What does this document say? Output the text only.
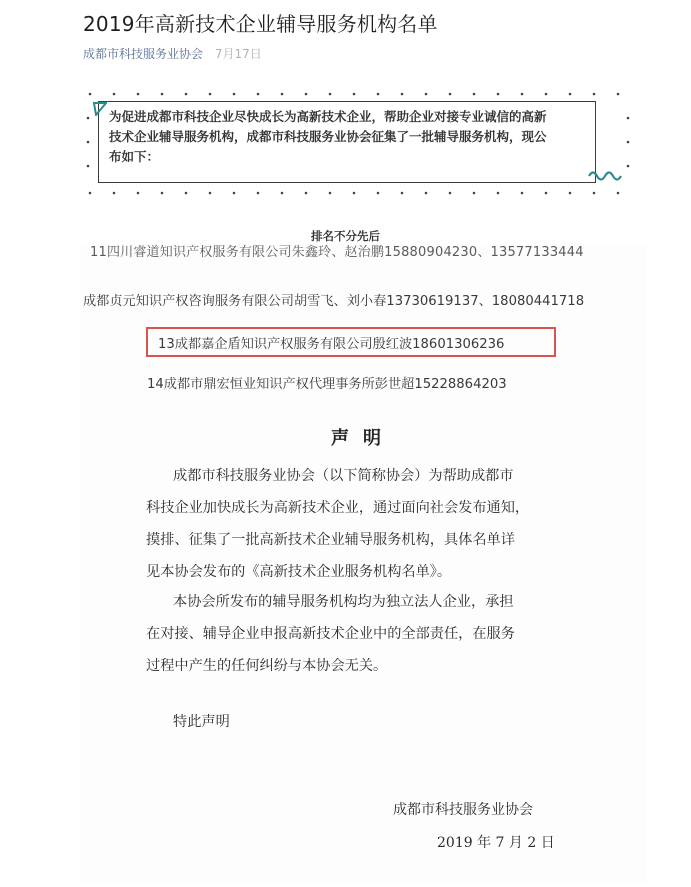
2019年高新技术企业辅导服务机构名单
成都市科技服务业协会 7月17日
为促进成都市科技企业尽快成长为高新技术企业，帮助企业对接专业诚信的高新
技术企业辅导服务机构，成都市科技服务业协会征集了一批辅导服务机构，现公
布如下：
排名不分先后
11四川睿道知识产权服务有限公司朱鑫玲、赵治鹏15880904230、13577133444
成都贞元知识产权咨询服务有限公司胡雪飞、刘小春13730619137、18080441718
13成都嘉企盾知识产权服务有限公司殷红波18601306236
14成都市鼎宏恒业知识产权代理事务所彭世超15228864203
声明
成都市科技服务业协会（以下简称协会）为帮助成都市
科技企业加快成长为高新技术企业，通过面向社会发布通知，
摸排、征集了一批高新技术企业辅导服务机构，具体名单详
见本协会发布的《高新技术企业服务机构名单》。
本协会所发布的辅导服务机构均为独立法人企业，承担
在对接、辅导企业申报高新技术企业中的全部责任，在服务
过程中产生的任何纠纷与本协会无关。
特此声明
成都市科技服务业协会
2019 年 7 月 2 日
